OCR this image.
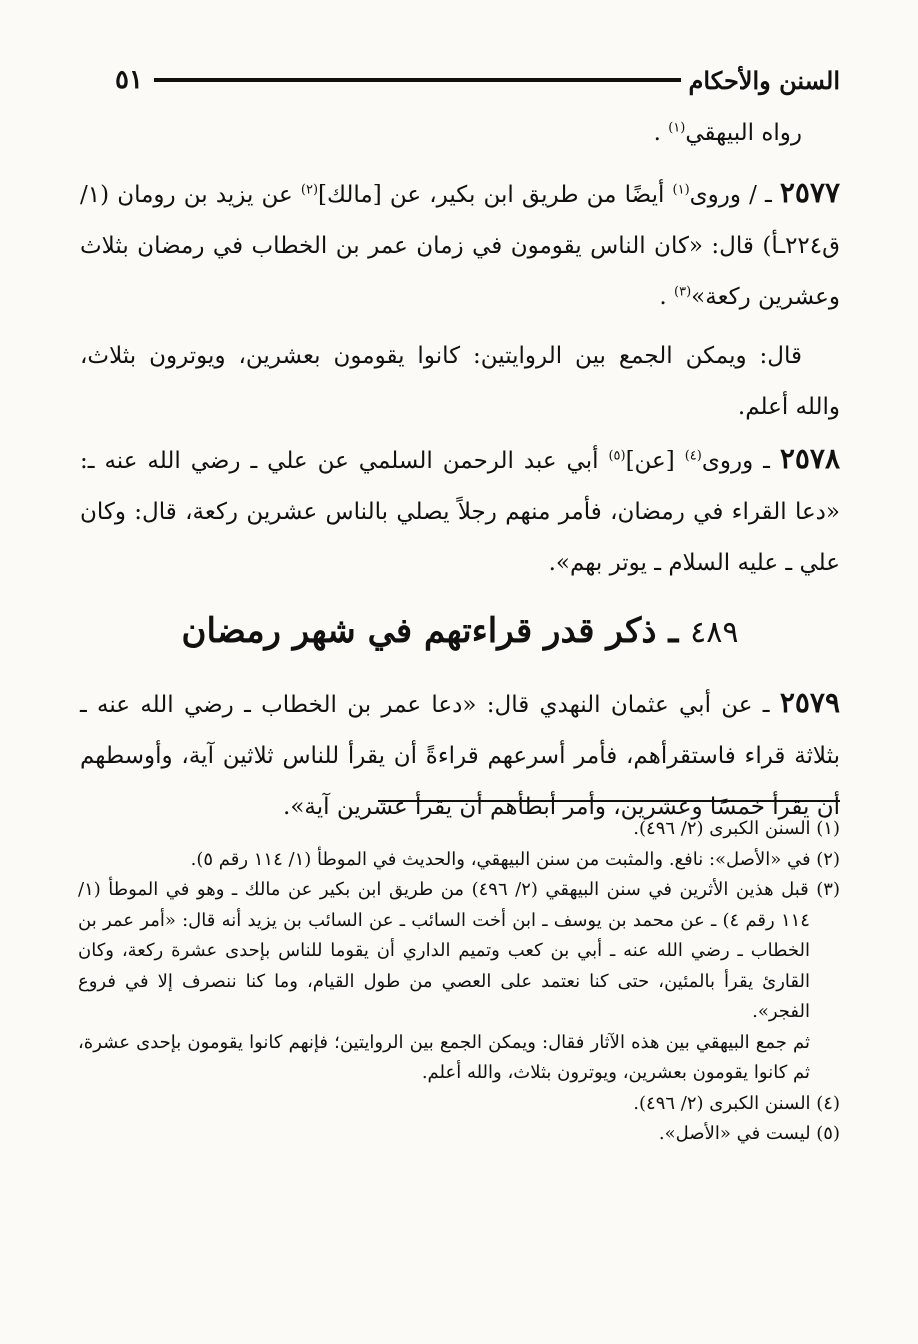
٥١	السنن والأحكام

رواه البيهقي$^{(١)}$ .

٢٥٧٧ ـ / وروى$^{(١)}$ أيضًا من طريق ابن بكير، عن [مالك]$^{(٢)}$ عن يزيد بن رومان (١/ق٢٢٤ـأ) قال: «كان الناس يقومون في زمان عمر بن الخطاب في رمضان بثلاث وعشرين ركعة»$^{(٣)}$ .

قال: ويمكن الجمع بين الروايتين: كانوا يقومون بعشرين، ويوترون بثلاث، والله أعلم.

٢٥٧٨ ـ وروى$^{(٤)}$ [عن]$^{(٥)}$ أبي عبد الرحمن السلمي عن علي ـ رضي الله عنه ـ: «دعا القراء في رمضان، فأمر منهم رجلاً يصلي بالناس عشرين ركعة، قال: وكان علي ـ عليه السلام ـ يوتر بهم».

٤٨٩ ـ ذكر قدر قراءتهم في شهر رمضان

٢٥٧٩ ـ عن أبي عثمان النهدي قال: «دعا عمر بن الخطاب ـ رضي الله عنه ـ بثلاثة قراء فاستقرأهم، فأمر أسرعهم قراءةً أن يقرأ للناس ثلاثين آية، وأوسطهم أن يقرأ خمسًا وعشرين، وأمر أبطأهم أن يقرأ عشرين آية».

(١) السنن الكبرى (٢/ ٤٩٦).

(٢) في «الأصل»: نافع. والمثبت من سنن البيهقي، والحديث في الموطأ (١/ ١١٤ رقم ٥).

(٣) قبل هذين الأثرين في سنن البيهقي (٢/ ٤٩٦) من طريق ابن بكير عن مالك ـ وهو في الموطأ (١/ ١١٤ رقم ٤) ـ عن محمد بن يوسف ـ ابن أخت السائب ـ عن السائب بن يزيد أنه قال: «أمر عمر بن الخطاب ـ رضي الله عنه ـ أبي بن كعب وتميم الداري أن يقوما للناس بإحدى عشرة ركعة، وكان القارئ يقرأ بالمئين، حتى كنا نعتمد على العصي من طول القيام، وما كنا ننصرف إلا في فروع الفجر».

ثم جمع البيهقي بين هذه الآثار فقال: ويمكن الجمع بين الروايتين؛ فإنهم كانوا يقومون بإحدى عشرة، ثم كانوا يقومون بعشرين، ويوترون بثلاث، والله أعلم.

(٤) السنن الكبرى (٢/ ٤٩٦).

(٥) ليست في «الأصل».
